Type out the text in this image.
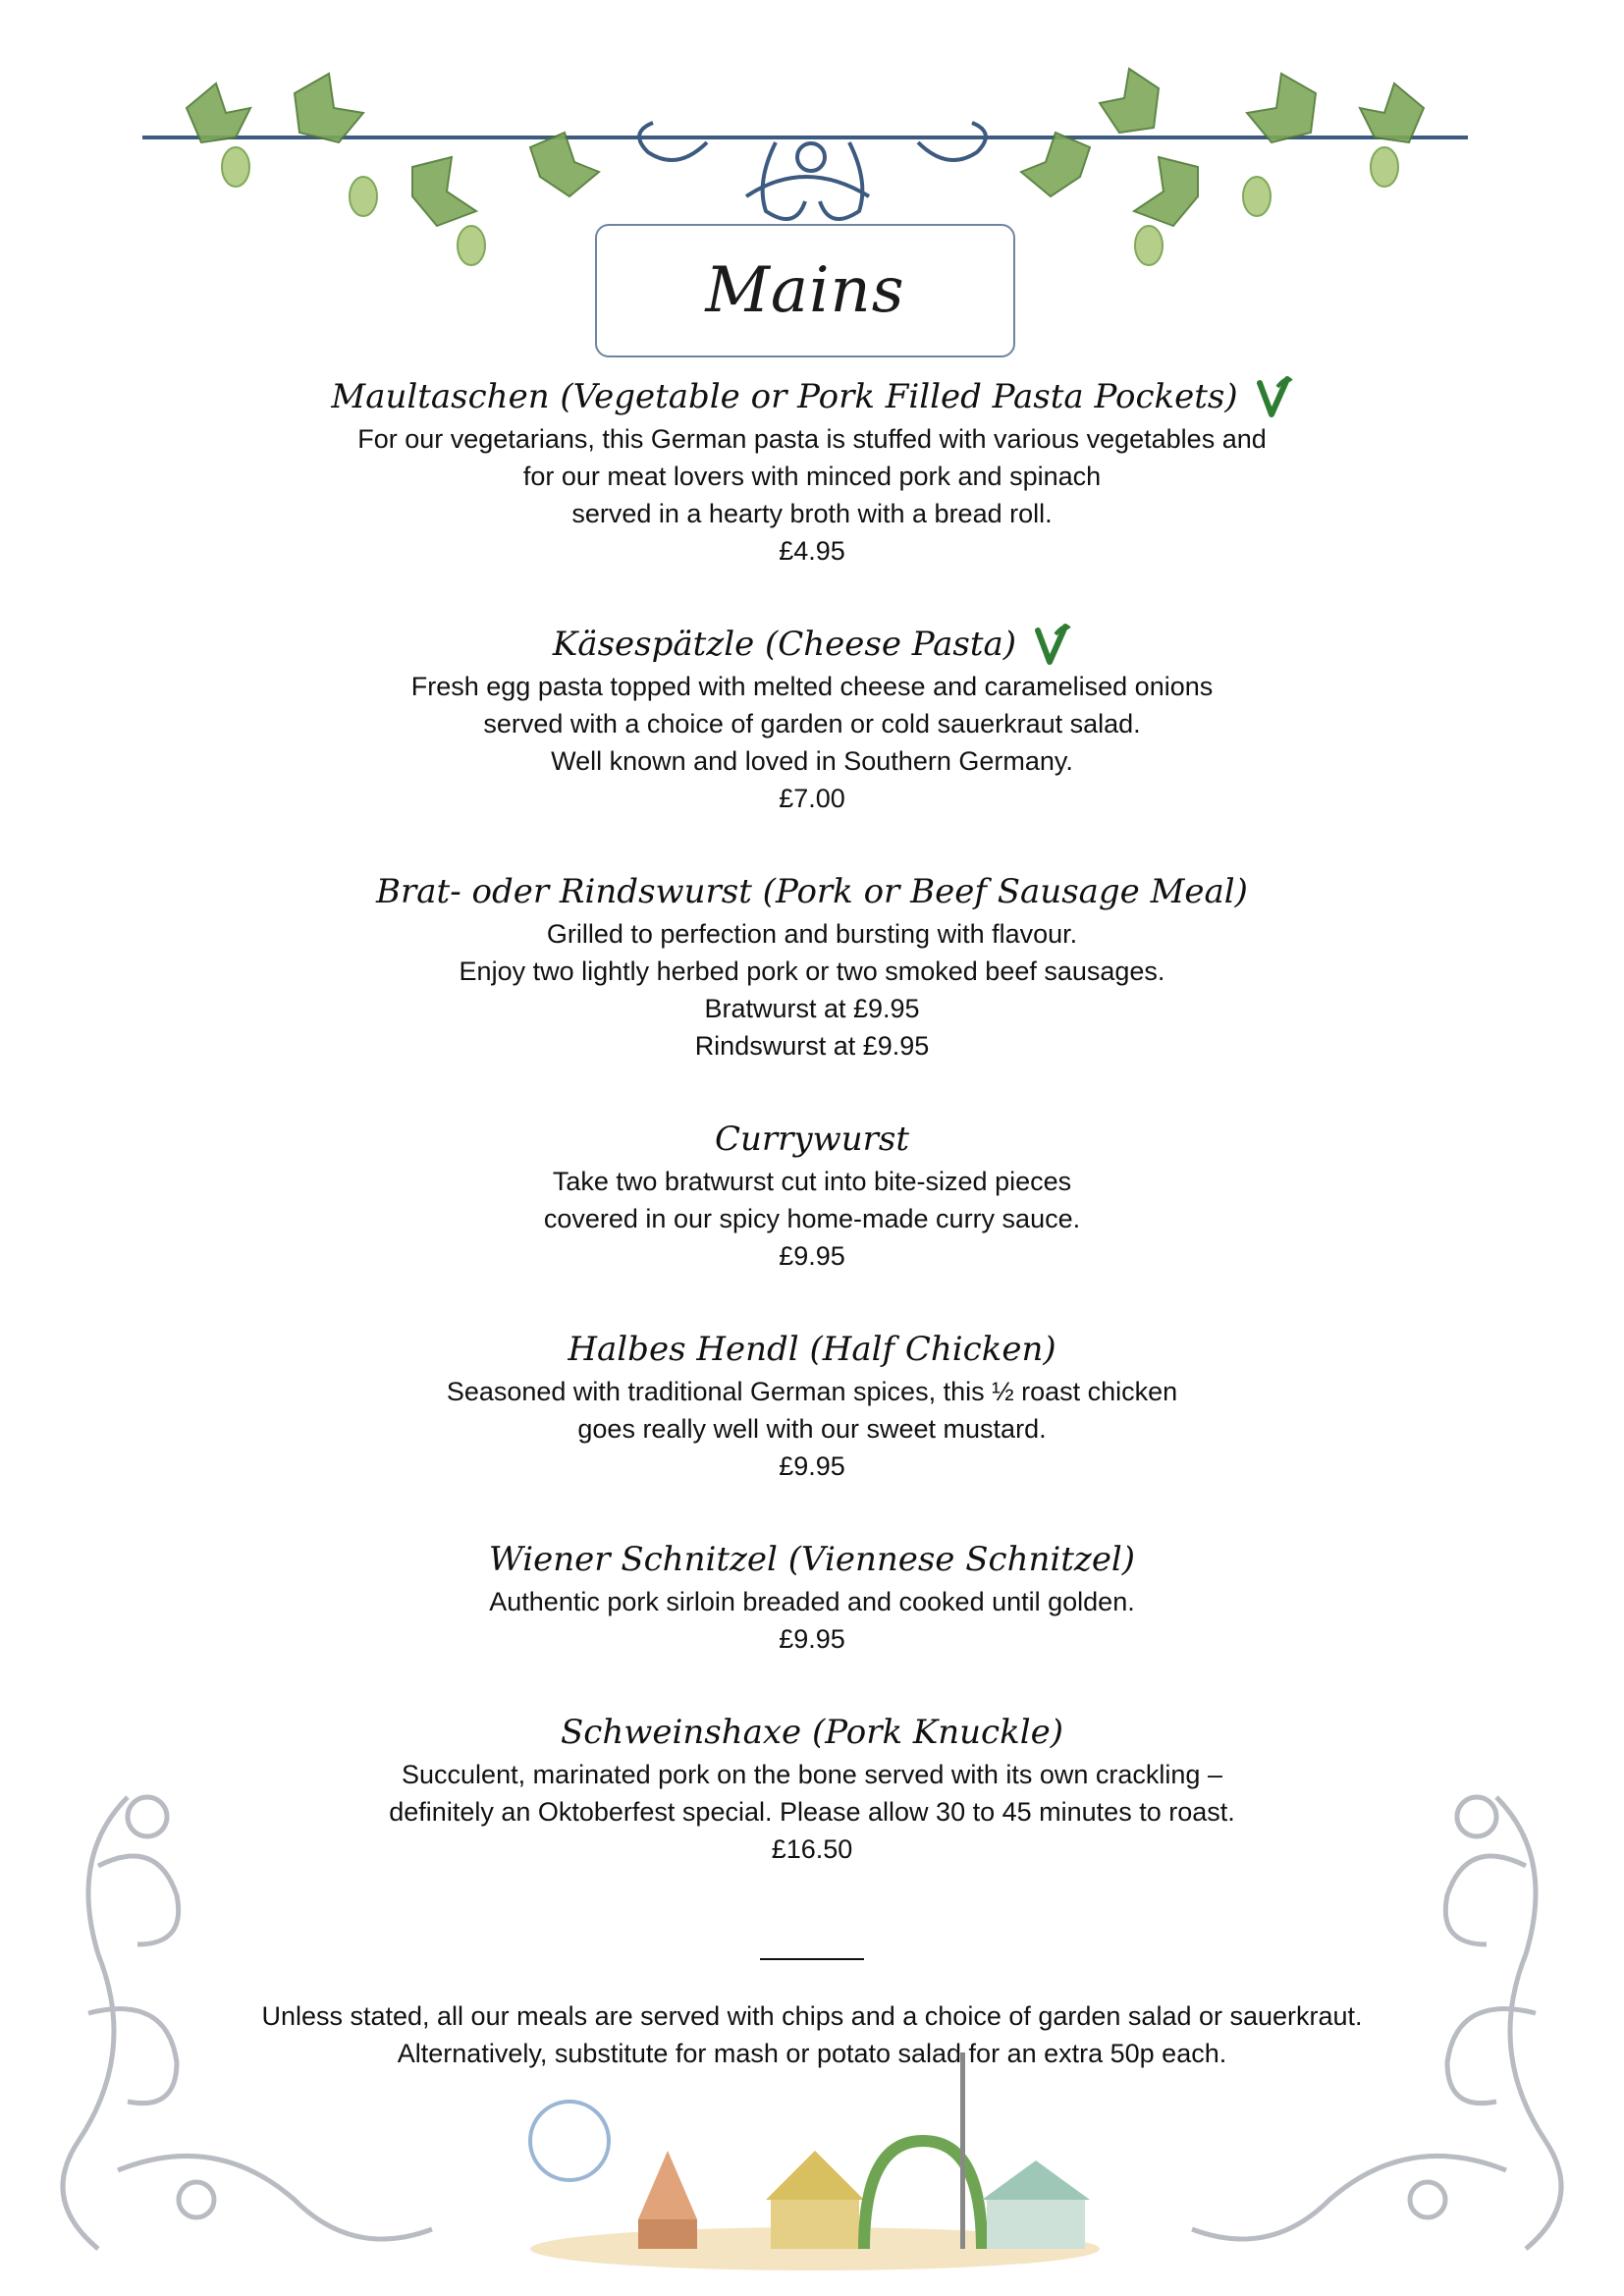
Mains
Maultaschen (Vegetable or Pork Filled Pasta Pockets)
For our vegetarians, this German pasta is stuffed with various vegetables and
for our meat lovers with minced pork and spinach
served in a hearty broth with a bread roll.
£4.95
Käsespätzle (Cheese Pasta)
Fresh egg pasta topped with melted cheese and caramelised onions
served with a choice of garden or cold sauerkraut salad.
Well known and loved in Southern Germany.
£7.00
Brat- oder Rindswurst (Pork or Beef Sausage Meal)
Grilled to perfection and bursting with flavour.
Enjoy two lightly herbed pork or two smoked beef sausages.
Bratwurst at £9.95
Rindswurst at £9.95
Currywurst
Take two bratwurst cut into bite-sized pieces
covered in our spicy home-made curry sauce.
£9.95
Halbes Hendl (Half Chicken)
Seasoned with traditional German spices, this ½ roast chicken
goes really well with our sweet mustard.
£9.95
Wiener Schnitzel (Viennese Schnitzel)
Authentic pork sirloin breaded and cooked until golden.
£9.95
Schweinshaxe (Pork Knuckle)
Succulent, marinated pork on the bone served with its own crackling –
definitely an Oktoberfest special. Please allow 30 to 45 minutes to roast.
£16.50
Unless stated, all our meals are served with chips and a choice of garden salad or sauerkraut.
Alternatively, substitute for mash or potato salad for an extra 50p each.
